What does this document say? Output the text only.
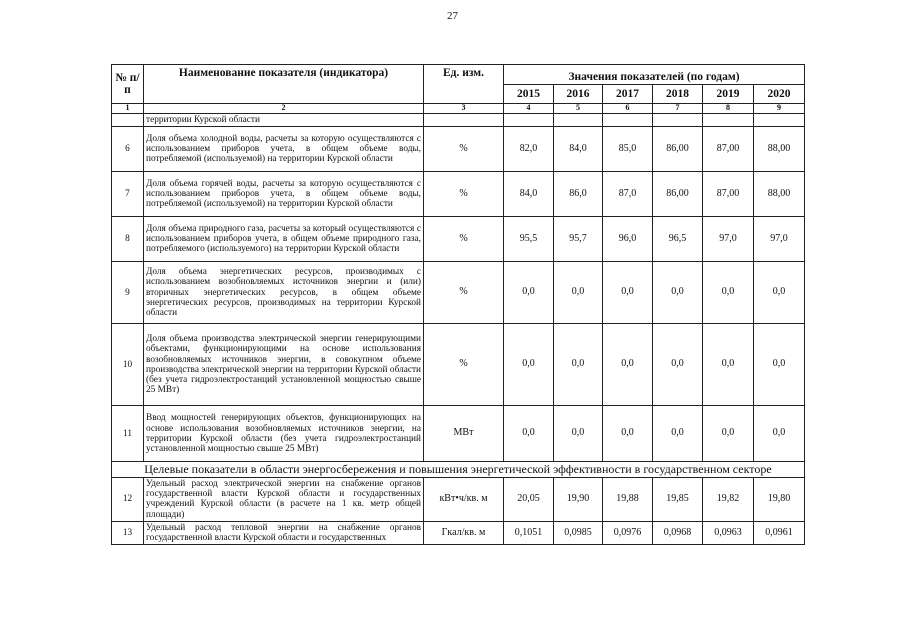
27
№ п/п	Наименование показателя (индикатора)	Ед. изм.	Значения показателей (по годам)					
			2015	2016	2017	2018	2019	2020
1	2	3	4	5	6	7	8	9
	территории Курской области							
6	Доля объема холодной воды, расчеты за которую осуществляются с использованием приборов учета, в общем объеме воды, потребляемой (используемой) на территории Курской области	%	82,0	84,0	85,0	86,00	87,00	88,00
7	Доля объема горячей воды, расчеты за которую осуществляются с использованием приборов учета, в общем объеме воды, потребляемой (используемой) на территории Курской области	%	84,0	86,0	87,0	86,00	87,00	88,00
8	Доля объема природного газа, расчеты за который осуществляются с использованием приборов учета, в общем объеме природного газа, потребляемого (используемого) на территории Курской области	%	95,5	95,7	96,0	96,5	97,0	97,0
9	Доля объема энергетических ресурсов, производимых с использованием возобновляемых источников энергии и (или) вторичных энергетических ресурсов, в общем объеме энергетических ресурсов, производимых на территории Курской области	%	0,0	0,0	0,0	0,0	0,0	0,0
10	Доля объема производства электрической энергии генерирующими объектами, функционирующими на основе использования возобновляемых источников энергии, в совокупном объеме производства электрической энергии на территории Курской области (без учета гидроэлектростанций установленной мощностью свыше 25 МВт)	%	0,0	0,0	0,0	0,0	0,0	0,0
11	Ввод мощностей генерирующих объектов, функционирующих на основе использования возобновляемых источников энергии, на территории Курской области (без учета гидроэлектростанций установленной мощностью свыше 25 МВт)	МВт	0,0	0,0	0,0	0,0	0,0	0,0
Целевые показатели в области энергосбережения и повышения энергетической эффективности в государственном секторе								
12	Удельный расход электрической энергии на снабжение органов государственной власти Курской области и государственных учреждений Курской области (в расчете на 1 кв. метр общей площади)	кВт•ч/кв. м	20,05	19,90	19,88	19,85	19,82	19,80
13	Удельный расход тепловой энергии на снабжение органов государственной власти Курской области и государственных	Гкал/кв. м	0,1051	0,0985	0,0976	0,0968	0,0963	0,0961
